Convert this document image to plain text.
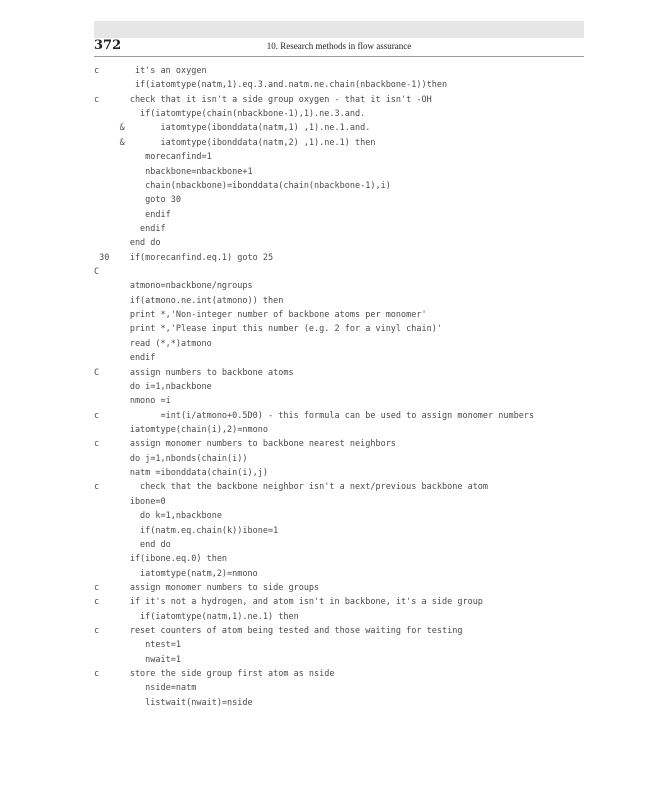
372	10. Research methods in flow assurance
c       it's an oxygen
if(iatomtype(natm,1).eq.3.and.natm.ne.chain(nbackbone-1))then
c      check that it isn't a side group oxygen - that it isn't -OH
if(iatomtype(chain(nbackbone-1),1).ne.3.and.
&       iatomtype(ibonddata(natm,1) ,1).ne.1.and.
&       iatomtype(ibonddata(natm,2) ,1).ne.1) then
morecanfind=1
nbackbone=nbackbone+1
chain(nbackbone)=ibonddata(chain(nbackbone-1),i)
goto 30
endif
endif
end do
30    if(morecanfind.eq.1) goto 25
C
atmono=nbackbone/ngroups
if(atmono.ne.int(atmono)) then
print *,'Non-integer number of backbone atoms per monomer'
print *,'Please input this number (e.g. 2 for a vinyl chain)'
read (*,*)atmono
endif
C      assign numbers to backbone atoms
do i=1,nbackbone
nmono =i
c            =int(i/atmono+0.5D0) - this formula can be used to assign monomer numbers
iatomtype(chain(i),2)=nmono
c      assign monomer numbers to backbone nearest neighbors
do j=1,nbonds(chain(i))
natm =ibonddata(chain(i),j)
c        check that the backbone neighbor isn't a next/previous backbone atom
ibone=0
do k=1,nbackbone
if(natm.eq.chain(k))ibone=1
end do
if(ibone.eq.0) then
iatomtype(natm,2)=nmono
c      assign monomer numbers to side groups
c      if it's not a hydrogen, and atom isn't in backbone, it's a side group
if(iatomtype(natm,1).ne.1) then
c      reset counters of atom being tested and those waiting for testing
ntest=1
nwait=1
c      store the side group first atom as nside
nside=natm
listwait(nwait)=nside
